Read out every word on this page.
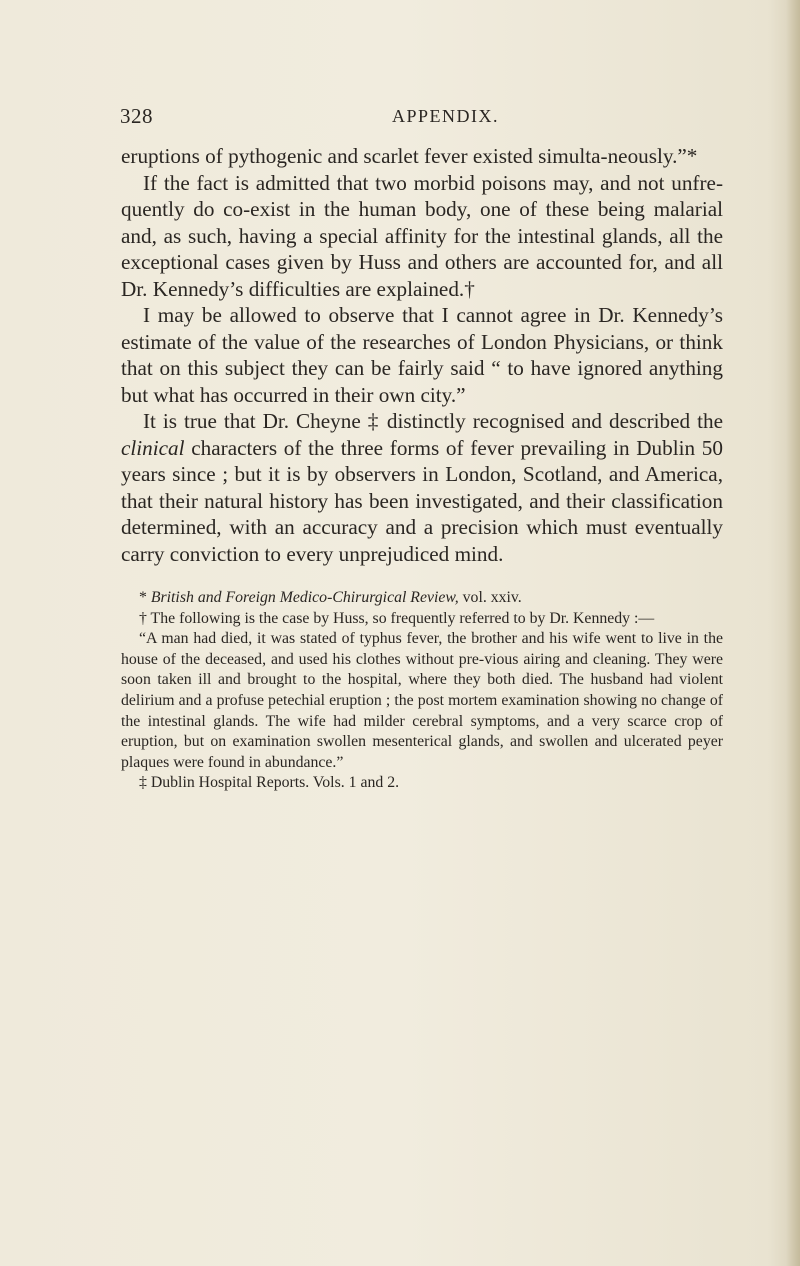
328	APPENDIX.

eruptions of pythogenic and scarlet fever existed simulta-neously.”*

If the fact is admitted that two morbid poisons may, and not unfre-quently do co-exist in the human body, one of these being malarial and, as such, having a special affinity for the intestinal glands, all the exceptional cases given by Huss and others are accounted for, and all Dr. Kennedy’s difficulties are explained.†

I may be allowed to observe that I cannot agree in Dr. Kennedy’s estimate of the value of the researches of London Physicians, or think that on this subject they can be fairly said “ to have ignored anything but what has occurred in their own city.”

It is true that Dr. Cheyne ‡ distinctly recognised and described the clinical characters of the three forms of fever prevailing in Dublin 50 years since ; but it is by observers in London, Scotland, and America, that their natural history has been investigated, and their classification determined, with an accuracy and a precision which must eventually carry conviction to every unprejudiced mind.

* British and Foreign Medico-Chirurgical Review, vol. xxiv.

† The following is the case by Huss, so frequently referred to by Dr. Kennedy :—

“A man had died, it was stated of typhus fever, the brother and his wife went to live in the house of the deceased, and used his clothes without pre-vious airing and cleaning. They were soon taken ill and brought to the hospital, where they both died. The husband had violent delirium and a profuse petechial eruption ; the post mortem examination showing no change of the intestinal glands. The wife had milder cerebral symptoms, and a very scarce crop of eruption, but on examination swollen mesenterical glands, and swollen and ulcerated peyer plaques were found in abundance.”

‡ Dublin Hospital Reports. Vols. 1 and 2.
